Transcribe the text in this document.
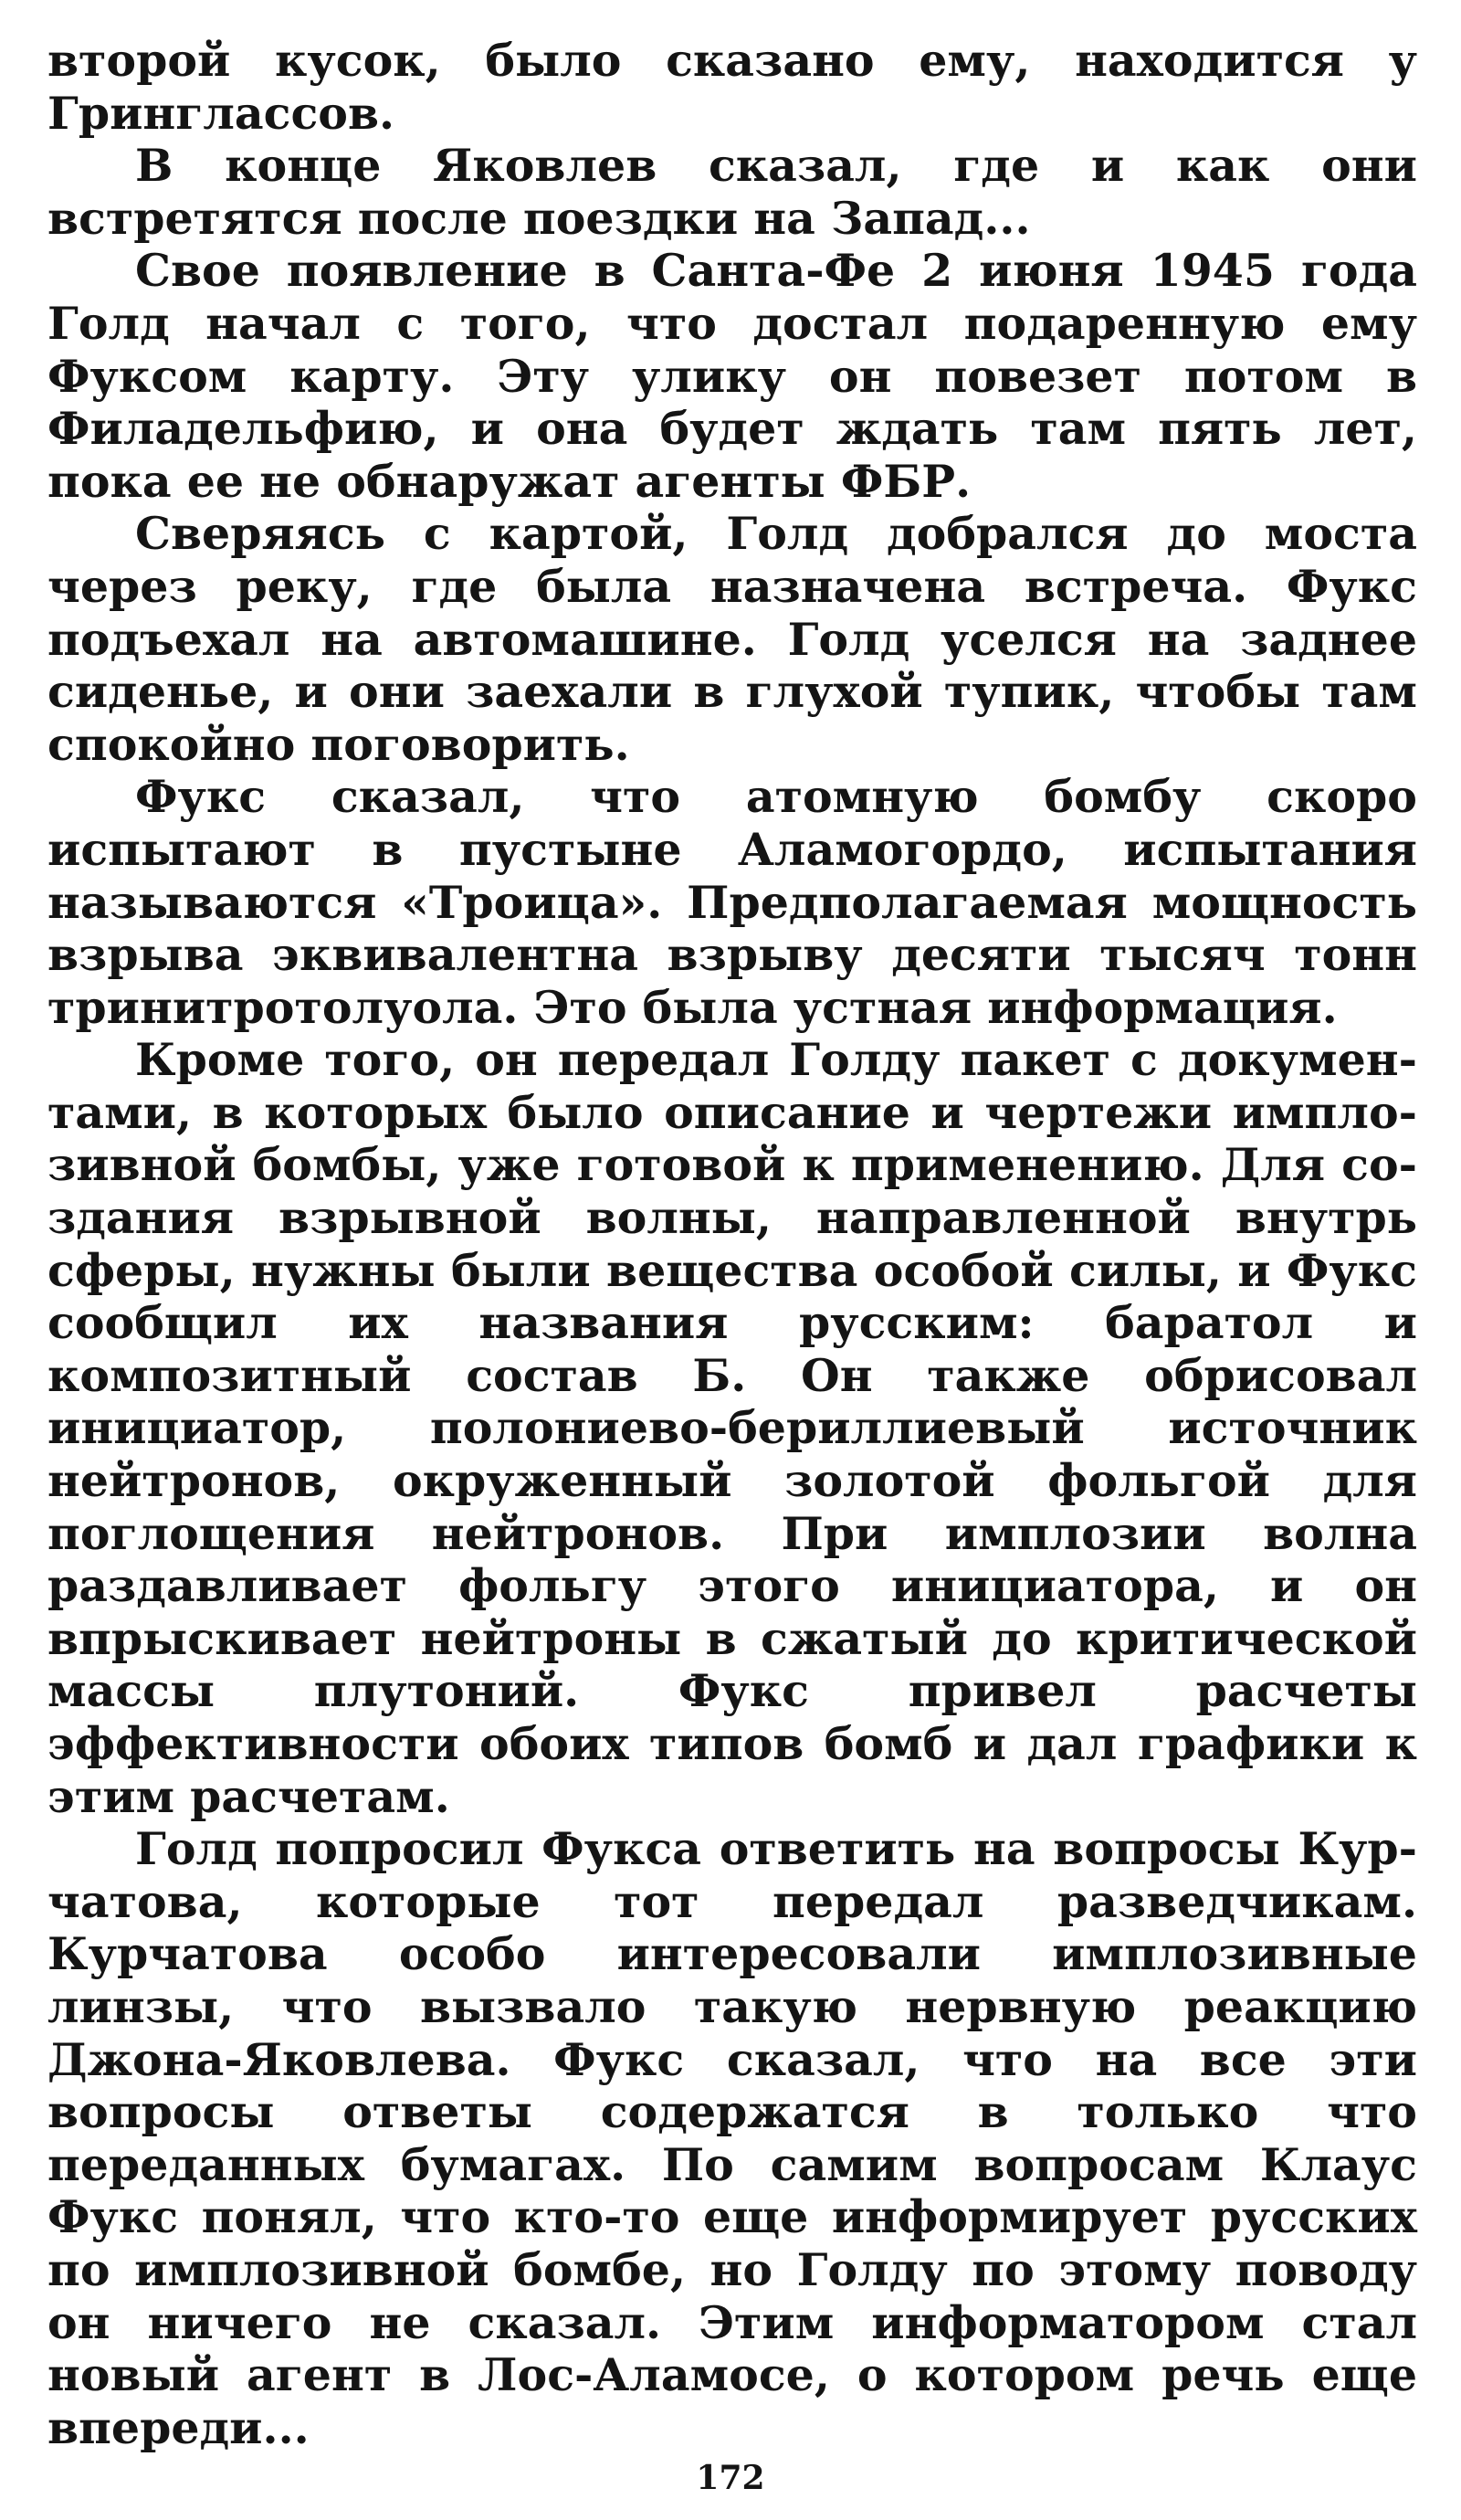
второй кусок, было сказано ему, находится у Гринглассов.

В конце Яковлев сказал, где и как они встретятся после поездки на Запад...

Свое появление в Санта-Фе 2 июня 1945 года Голд начал с того, что достал подаренную ему Фуксом карту. Эту улику он повезет потом в Филадельфию, и она будет ждать там пять лет, пока ее не обнаружат агенты ФБР.

Сверяясь с картой, Голд добрался до моста через реку, где была назначена встреча. Фукс подъехал на автомашине. Голд уселся на заднее сиденье, и они заехали в глухой тупик, чтобы там спокойно поговорить.

Фукс сказал, что атомную бомбу скоро испытают в пустыне Аламогордо, испытания называются «Троица». Предполагаемая мощность взрыва эквивалентна взрыву десяти тысяч тонн тринитротолуола. Это была устная информация.

Кроме того, он передал Голду пакет с документами, в которых было описание и чертежи имплозивной бомбы, уже готовой к применению. Для создания взрывной волны, направленной внутрь сферы, нужны были вещества особой силы, и Фукс сообщил их названия русским: баратол и композитный состав Б. Он также обрисовал инициатор, полониево-бериллиевый источник нейтронов, окруженный золотой фольгой для поглощения нейтронов. При имплозии волна раздавливает фольгу этого инициатора, и он впрыскивает нейтроны в сжатый до критической массы плутоний. Фукс привел расчеты эффективности обоих типов бомб и дал графики к этим расчетам.

Голд попросил Фукса ответить на вопросы Курчатова, которые тот передал разведчикам. Курчатова особо интересовали имплозивные линзы, что вызвало такую нервную реакцию Джона-Яковлева. Фукс сказал, что на все эти вопросы ответы содержатся в только что переданных бумагах. По самим вопросам Клаус Фукс понял, что кто-то еще информирует русских по имплозивной бомбе, но Голду по этому поводу он ничего не сказал. Этим информатором стал новый агент в Лос-Аламосе, о котором речь еще впереди...

172
